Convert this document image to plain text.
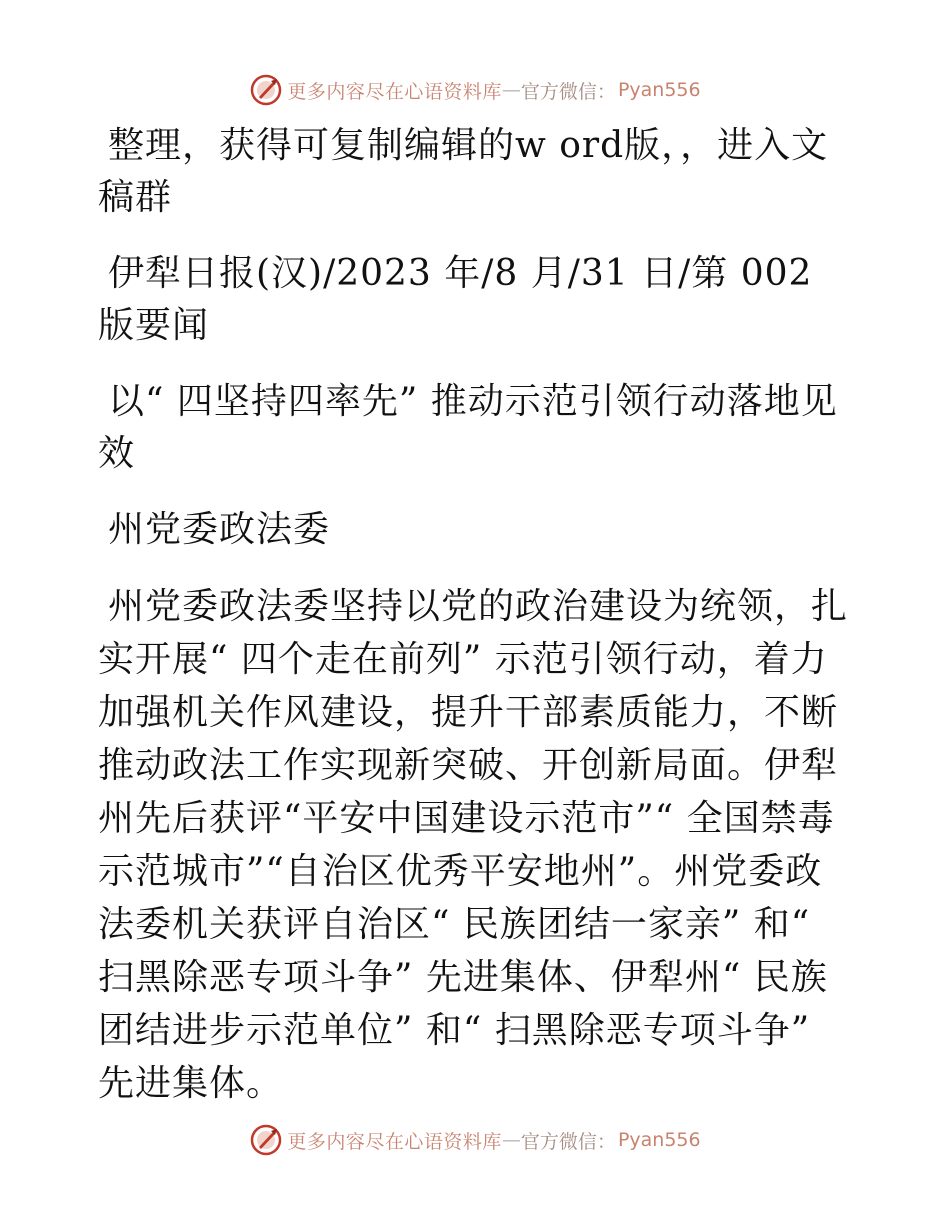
更多内容尽在心语资料库 — 官方微信： Pyan556

整理，获得可复制编辑的w ord版，，进入文稿群

伊犁日报(汉)/2023 年/8 月/31 日/第 002 版要闻

以“ 四坚持四率先” 推动示范引领行动落地见效

州党委政法委

州党委政法委坚持以党的政治建设为统领，扎实开展“ 四个走在前列” 示范引领行动，着力加强机关作风建设，提升干部素质能力，不断推动政法工作实现新突破、开创新局面。伊犁州先后获评“平安中国建设示范市”“ 全国禁毒示范城市”“自治区优秀平安地州”。州党委政法委机关获评自治区“ 民族团结一家亲” 和“ 扫黑除恶专项斗争” 先进集体、伊犁州“ 民族团结进步示范单位” 和“ 扫黑除恶专项斗争” 先进集体。

更多内容尽在心语资料库 — 官方微信： Pyan556
